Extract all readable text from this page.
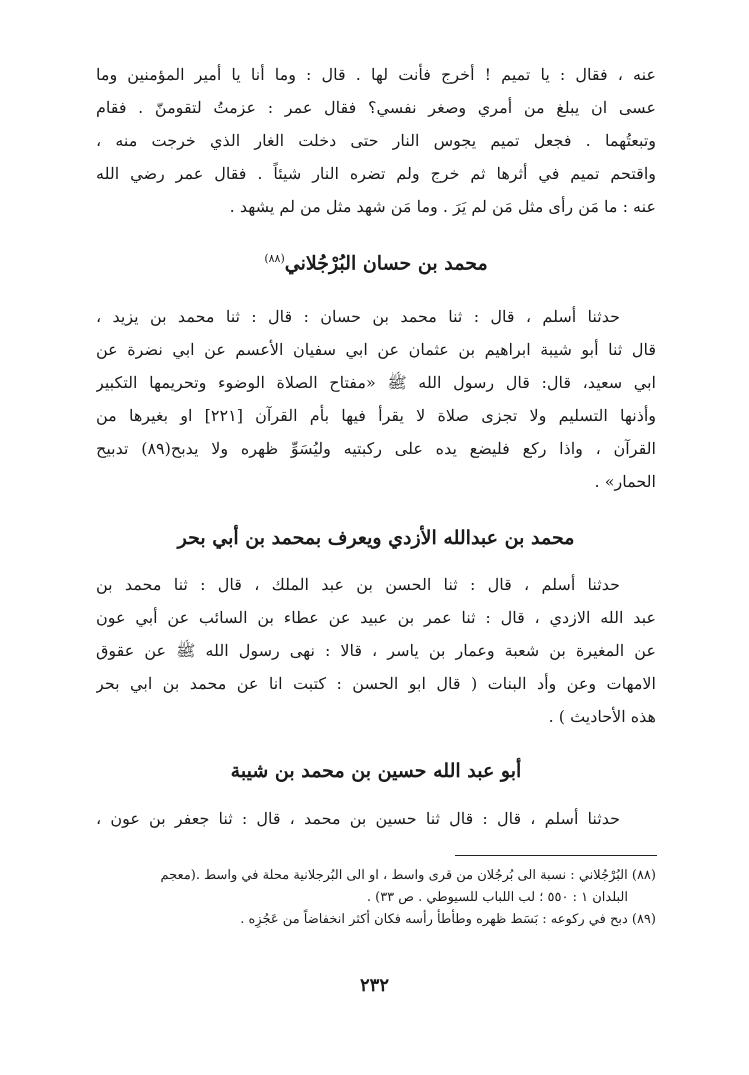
عنه ، فقال : يا تميم ! أخرج فأنت لها . قال : وما أنا يا أمير المؤمنين وما
عسى ان يبلغ من أمري وصغر نفسي؟ فقال عمر : عزمتُ لتقومنّ . فقام
وتبعتُهما . فجعل تميم يجوس النار حتى دخلت الغار الذي خرجت منه ،
واقتحم تميم في أثرها ثم خرج ولم تضره النار شيئاً . فقال عمر رضي الله
عنه : ما مَن رأى مثل مَن لم يَرَ . وما مَن شهد مثل من لم يشهد .
محمد بن حسان البُرْجُلاني$^{(٨٨)}$
حدثنا أسلم ، قال : ثنا محمد بن حسان : قال : ثنا محمد بن يزيد ،
قال ثنا أبو شيبة ابراهيم بن عثمان عن ابي سفيان الأعسم عن ابي نضرة عن
ابي سعيد، قال: قال رسول الله ﷺ «مفتاح الصلاة الوضوء وتحريمها التكبير
وأذنها التسليم ولا تجزى صلاة لا يقرأ فيها بأم القرآن [٢٢١] او بغيرها من
القرآن ، واذا ركع فليضع يده على ركبتيه وليُسَوِّ ظهره ولا يدبح(٨٩) تدبيح
الحمار» .
محمد بن عبدالله الأزدي ويعرف بمحمد بن أبي بحر
حدثنا أسلم ، قال : ثنا الحسن بن عبد الملك ، قال : ثنا محمد بن
عبد الله الازدي ، قال : ثنا عمر بن عبيد عن عطاء بن السائب عن أبي عون
عن المغيرة بن شعبة وعمار بن ياسر ، قالا : نهى رسول الله ﷺ عن عقوق
الامهات وعن وأد البنات ( قال ابو الحسن : كتبت انا عن محمد بن ابي بحر
هذه الأحاديث ) .
أبو عبد الله حسين بن محمد بن شيبة
حدثنا أسلم ، قال : قال ثنا حسين بن محمد ، قال : ثنا جعفر بن عون ،
(٨٨) البُرْجُلاني : نسبة الى بُرجُلان من قرى واسط ، او الى البُرجلانية محلة في واسط .(معجم
البلدان ١ : ٥٥٠ ؛ لب اللباب للسيوطي . ص ٣٣) .
(٨٩) دبح في ركوعه : بَسَط ظهره وطأطأ رأسه فكان أكثر انخفاضاً من عَجُزِه .
٢٣٢
